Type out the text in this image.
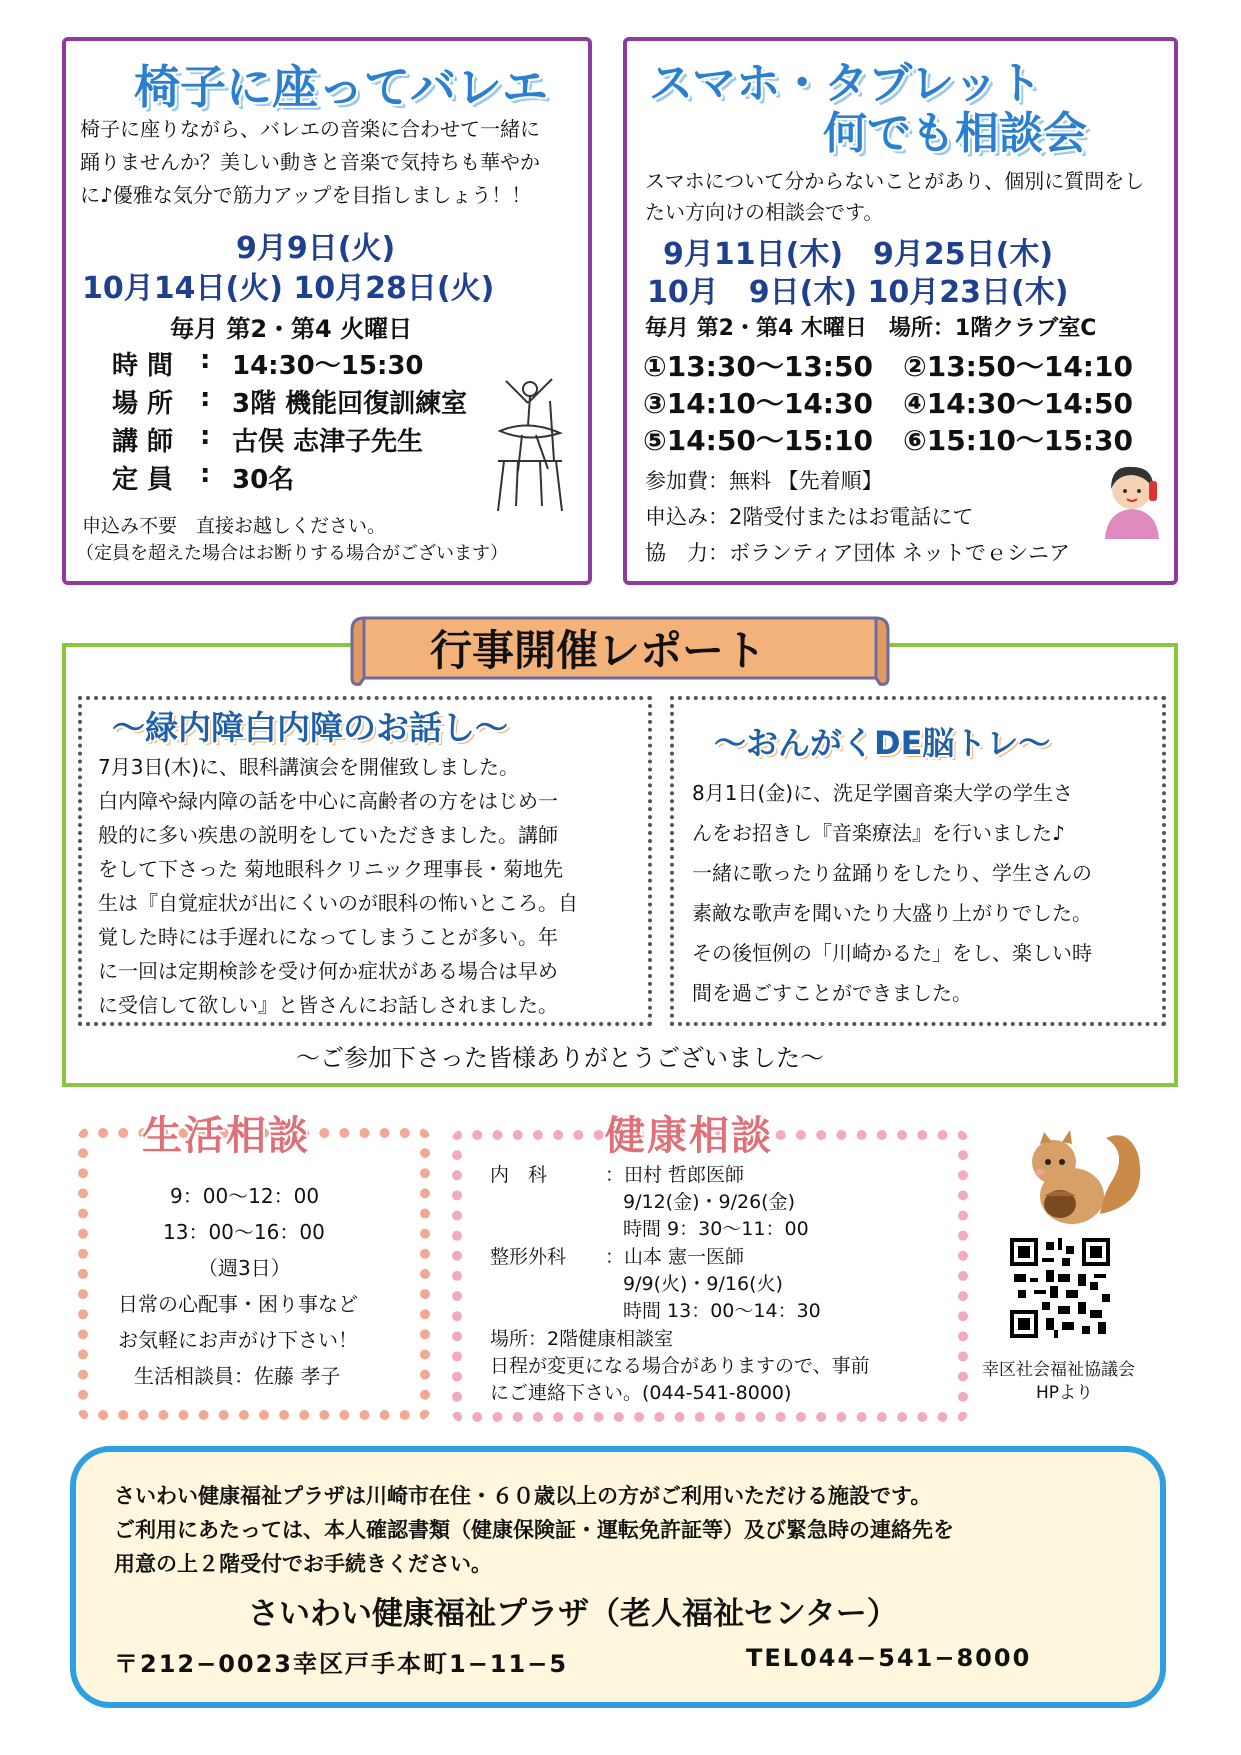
椅子に座ってバレエ
椅子に座りながら、バレエの音楽に合わせて一緒に
踊りませんか？美しい動きと音楽で気持ちも華やか
に♪優雅な気分で筋力アップを目指しましょう！！
9月9日(火)
10月14日(火) 10月28日(火)
毎月 第2・第4 火曜日
時 間 : 14:30〜15:30
場 所 : 3階 機能回復訓練室
講 師 : 古俣 志津子先生
定 員 : 30名
申込み不要　直接お越しください。
（定員を超えた場合はお断りする場合がございます）
スマホ・タブレット
何でも相談会
スマホについて分からないことがあり、個別に質問をし
たい方向けの相談会です。
9月11日(木)　9月25日(木)
10月　9日(木) 10月23日(木)
毎月 第2・第4 木曜日　場所：1階クラブ室C
①13:30〜13:50 ②13:50〜14:10
③14:10〜14:30 ④14:30〜14:50
⑤14:50〜15:10 ⑥15:10〜15:30
参加費：無料 【先着順】
申込み：2階受付またはお電話にて
協　力： ボランティア団体 ネットでｅシニア
行事開催レポート
〜緑内障白内障のお話し〜
7月3日(木)に、眼科講演会を開催致しました。
白内障や緑内障の話を中心に高齢者の方をはじめ一
般的に多い疾患の説明をしていただきました。講師
をして下さった 菊地眼科クリニック理事長・菊地先
生は『自覚症状が出にくいのが眼科の怖いところ。自
覚した時には手遅れになってしまうことが多い。年
に一回は定期検診を受け何か症状がある場合は早め
に受信して欲しい』と皆さんにお話しされました。
〜おんがくDE脳トレ〜
8月1日(金)に、洗足学園音楽大学の学生さ
んをお招きし『音楽療法』を行いました♪
一緒に歌ったり盆踊りをしたり、学生さんの
素敵な歌声を聞いたり大盛り上がりでした。
その後恒例の「川崎かるた」をし、楽しい時
間を過ごすことができました。
〜ご参加下さった皆様ありがとうございました〜
生活相談
9：00〜12：00
13：00〜16：00
（週3日）
日常の心配事・困り事など
お気軽にお声がけ下さい！
生活相談員：佐藤 孝子
健康相談
内　科	：田村 哲郎医師
9/12(金)・9/26(金)
時間 9：30〜11：00
整形外科 ：山本 憲一医師
9/9(火)・9/16(火)
時間 13：00〜14：30
場所：2階健康相談室
日程が変更になる場合がありますので、事前
にご連絡下さい。(044-541-8000)
幸区社会福祉協議会
HPより
さいわい健康福祉プラザは川崎市在住・６０歳以上の方がご利用いただける施設です。
ご利用にあたっては、本人確認書類（健康保険証・運転免許証等）及び緊急時の連絡先を
用意の上２階受付でお手続きください。
さいわい健康福祉プラザ（老人福祉センター）
〒212−0023幸区戸手本町1−11−5	TEL044−541−8000
